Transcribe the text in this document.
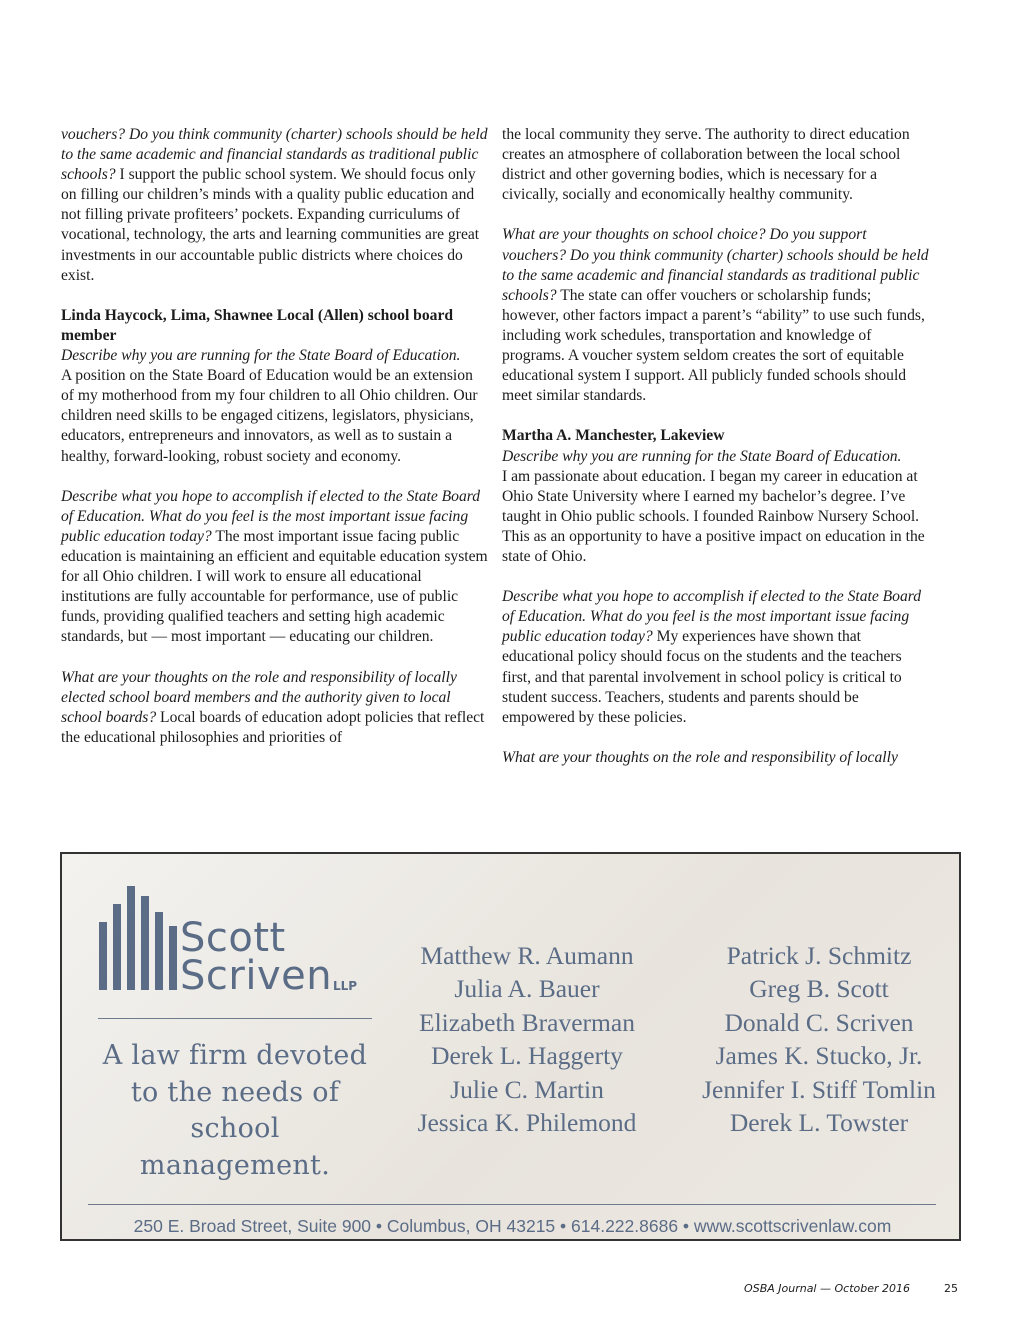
vouchers? Do you think community (charter) schools should be held to the same academic and financial standards as traditional public schools? I support the public school system. We should focus only on filling our children’s minds with a quality public education and not filling private profiteers’ pockets. Expanding curriculums of vocational, technology, the arts and learning communities are great investments in our accountable public districts where choices do exist.

Linda Haycock, Lima, Shawnee Local (Allen) school board member
Describe why you are running for the State Board of Education.
A position on the State Board of Education would be an extension of my motherhood from my four children to all Ohio children. Our children need skills to be engaged citizens, legislators, physicians, educators, entrepreneurs and innovators, as well as to sustain a healthy, forward-looking, robust society and economy.

Describe what you hope to accomplish if elected to the State Board of Education. What do you feel is the most important issue facing public education today? The most important issue facing public education is maintaining an efficient and equitable education system for all Ohio children. I will work to ensure all educational institutions are fully accountable for performance, use of public funds, providing qualified teachers and setting high academic standards, but — most important — educating our children.

What are your thoughts on the role and responsibility of locally elected school board members and the authority given to local school boards? Local boards of education adopt policies that reflect the educational philosophies and priorities of

the local community they serve. The authority to direct education creates an atmosphere of collaboration between the local school district and other governing bodies, which is necessary for a civically, socially and economically healthy community.

What are your thoughts on school choice? Do you support vouchers? Do you think community (charter) schools should be held to the same academic and financial standards as traditional public schools? The state can offer vouchers or scholarship funds; however, other factors impact a parent’s “ability” to use such funds, including work schedules, transportation and knowledge of programs. A voucher system seldom creates the sort of equitable educational system I support. All publicly funded schools should meet similar standards.

Martha A. Manchester, Lakeview
Describe why you are running for the State Board of Education.
I am passionate about education. I began my career in education at Ohio State University where I earned my bachelor’s degree. I’ve taught in Ohio public schools. I founded Rainbow Nursery School. This as an opportunity to have a positive impact on education in the state of Ohio.

Describe what you hope to accomplish if elected to the State Board of Education. What do you feel is the most important issue facing public education today? My experiences have shown that educational policy should focus on the students and the teachers first, and that parental involvement in school policy is critical to student success. Teachers, students and parents should be empowered by these policies.

What are your thoughts on the role and responsibility of locally

Scott
Scriven LLP
A law firm devoted to the needs of school management.
Matthew R. Aumann
Julia A. Bauer
Elizabeth Braverman
Derek L. Haggerty
Julie C. Martin
Jessica K. Philemond
Patrick J. Schmitz
Greg B. Scott
Donald C. Scriven
James K. Stucko, Jr.
Jennifer I. Stiff Tomlin
Derek L. Towster
250 E. Broad Street, Suite 900 • Columbus, OH 43215 • 614.222.8686 • www.scottscrivenlaw.com
OSBA Journal — October 2016	25
